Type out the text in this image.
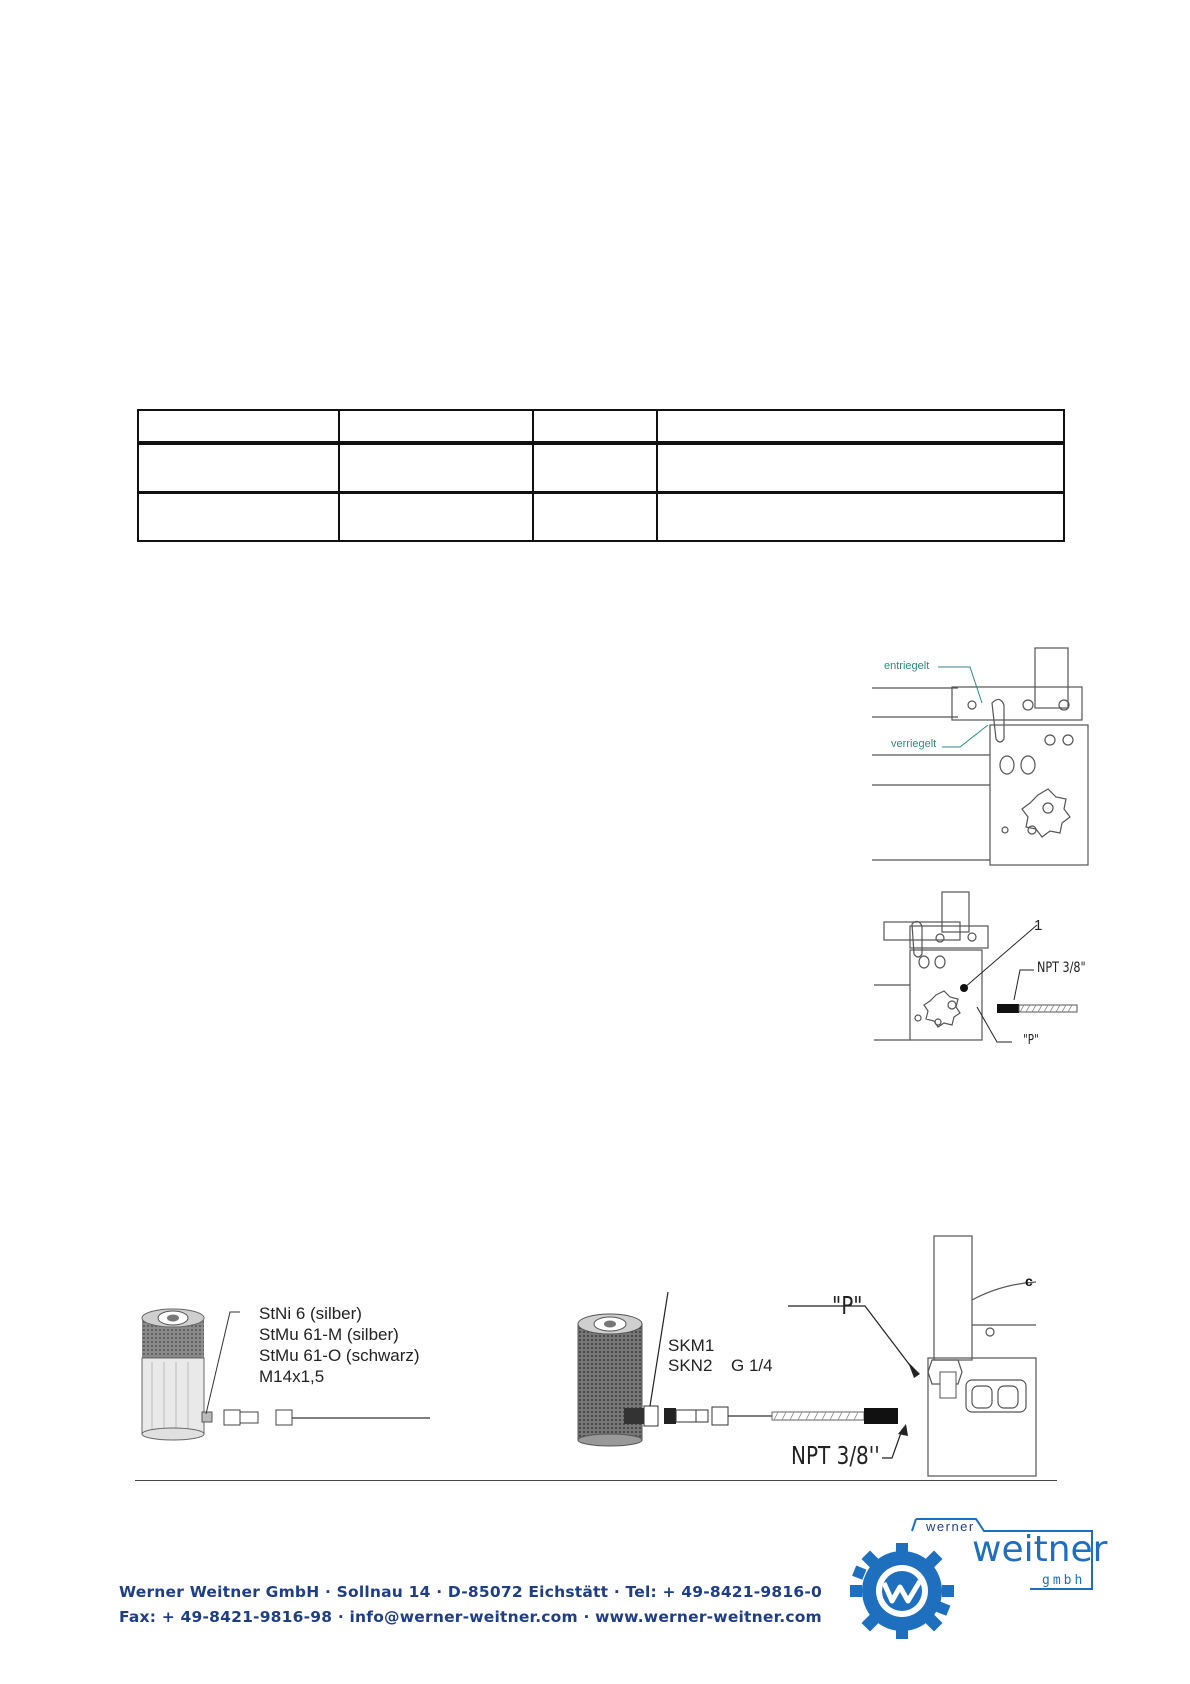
entriegelt
verriegelt
1
NPT 3/8"
"P"
StNi 6 (silber)
StMu 61-M (silber)
StMu 61-O (schwarz)
M14x1,5
c
SKM1
SKN2 G 1/4
"P"
NPT 3/8''
Werner Weitner GmbH · Sollnau 14 · D-85072 Eichstätt · Tel: + 49-8421-9816-0
Fax: + 49-8421-9816-98 · info@werner-weitner.com · www.werner-weitner.com
werner
weitner
gmbh
